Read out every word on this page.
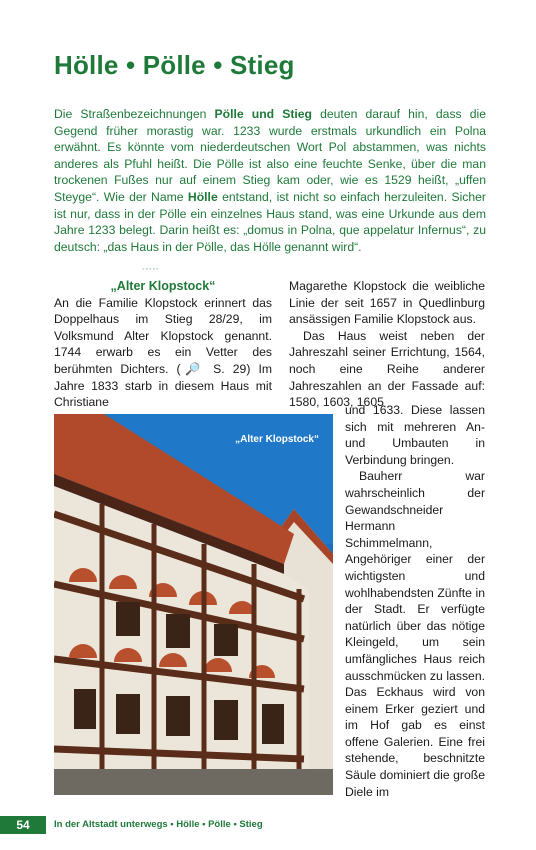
Hölle • Pölle • Stieg

Die Straßenbezeichnungen Pölle und Stieg deuten darauf hin, dass die Gegend früher morastig war. 1233 wurde erstmals urkundlich ein Polna erwähnt. Es könnte vom niederdeutschen Wort Pol abstammen, was nichts anderes als Pfuhl heißt. Die Pölle ist also eine feuchte Senke, über die man trockenen Fußes nur auf einem Stieg kam oder, wie es 1529 heißt, „uffen Steyge“. Wie der Name Hölle entstand, ist nicht so einfach herzuleiten. Sicher ist nur, dass in der Pölle ein einzelnes Haus stand, was eine Urkunde aus dem Jahre 1233 belegt. Darin heißt es: „domus in Polna, que appelatur Infernus“, zu deutsch: „das Haus in der Pölle, das Hölle genannt wird“.

◦◦◦◦◦
„Alter Klopstock“
An die Familie Klopstock erinnert das Doppelhaus im Stieg 28/29, im Volksmund Alter Klopstock genannt. 1744 erwarb es ein Vetter des berühmten Dichters. (🔎 S. 29) Im Jahre 1833 starb in diesem Haus mit Christiane

Magarethe Klopstock die weibliche Linie der seit 1657 in Quedlinburg ansässigen Familie Klopstock aus.

Das Haus weist neben der Jahreszahl seiner Errichtung, 1564, noch eine Reihe anderer Jahreszahlen an der Fassade auf: 1580, 1603, 1605

und 1633. Diese lassen sich mit mehreren An- und Umbauten in Verbindung bringen.

Bauherr war wahrscheinlich der Gewandschneider Hermann Schimmelmann, Angehöriger einer der wichtigsten und wohlhabendsten Zünfte in der Stadt. Er verfügte natürlich über das nötige Kleingeld, um sein umfängliches Haus reich ausschmücken zu lassen. Das Eckhaus wird von einem Erker geziert und im Hof gab es einst offene Galerien. Eine frei stehende, beschnitzte Säule dominiert die große Diele im

„Alter Klopstock“
54	In der Altstadt unterwegs • Hölle • Pölle • Stieg
